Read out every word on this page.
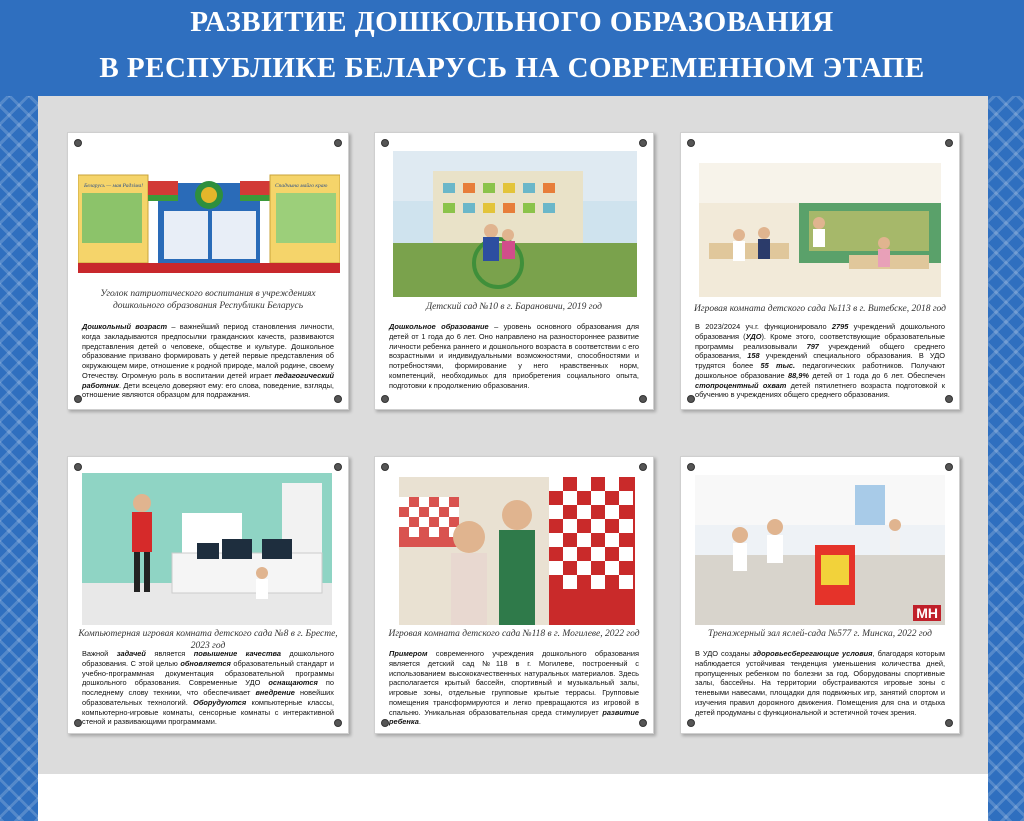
РАЗВИТИЕ ДОШКОЛЬНОГО ОБРАЗОВАНИЯ
В РЕСПУБЛИКЕ БЕЛАРУСЬ НА СОВРЕМЕННОМ ЭТАПЕ
Беларусь — мая Радзіма!	Спадчына майго краю
Уголок патриотического воспитания в учреждениях
дошкольного образования Республики Беларусь
Дошкольный возраст – важнейший период становления личности, когда закладываются предпосылки гражданских качеств, развиваются представления детей о человеке, обществе и культуре. Дошкольное образование призвано формировать у детей первые представления об окружающем мире, отношение к родной природе, малой родине, своему Отечеству. Огромную роль в воспитании детей играет педагогический работник. Дети всецело доверяют ему: его слова, поведение, взгляды, отношение являются образцом для подражания.
Детский сад №10 в г. Барановичи, 2019 год
Дошкольное образование – уровень основного образования для детей от 1 года до 6 лет. Оно направлено на разностороннее развитие личности ребенка раннего и дошкольного возраста в соответствии с его возрастными и индивидуальными возможностями, способностями и потребностями, формирование у него нравственных норм, компетенций, необходимых для приобретения социального опыта, подготовки к продолжению образования.
Игровая комната детского сада №113 в г. Витебске, 2018 год
В 2023/2024 уч.г. функционировало 2795 учреждений дошкольного образования (УДО). Кроме этого, соответствующие образовательные программы реализовывали 797 учреждений общего среднего образования, 158 учреждений специального образования. В УДО трудятся более 55 тыс. педагогических работников. Получают дошкольное образование 88,9% детей от 1 года до 6 лет. Обеспечен стопроцентный охват детей пятилетнего возраста подготовкой к обучению в учреждениях общего среднего образования.
Компьютерная игровая комната детского сада №8 в г. Бресте, 2023 год
Важной задачей является повышение качества дошкольного образования. С этой целью обновляется образовательный стандарт и учебно-программная документация образовательной программы дошкольного образования. Современные УДО оснащаются по последнему слову техники, что обеспечивает внедрение новейших образовательных технологий. Оборудуются компьютерные классы, компьютерно-игровые комнаты, сенсорные комнаты с интерактивной стеной и развивающими программами.
Игровая комната детского сада №118 в г. Могилеве, 2022 год
Примером современного учреждения дошкольного образования является детский сад №118 в г. Могилеве, построенный с использованием высококачественных натуральных материалов. Здесь располагается крытый бассейн, спортивный и музыкальный залы, игровые зоны, отдельные групповые крытые террасы. Групповые помещения трансформируются и легко превращаются из игровой в спальню. Уникальная образовательная среда стимулирует развитие ребенка.
МН
Тренажерный зал яслей-сада №577 г. Минска, 2022 год
В УДО созданы здоровьесберегающие условия, благодаря которым наблюдается устойчивая тенденция уменьшения количества дней, пропущенных ребенком по болезни за год. Оборудованы спортивные залы, бассейны. На территории обустраиваются игровые зоны с теневыми навесами, площадки для подвижных игр, занятий спортом и изучения правил дорожного движения. Помещения для сна и отдыха детей продуманы с функциональной и эстетичной точек зрения.
